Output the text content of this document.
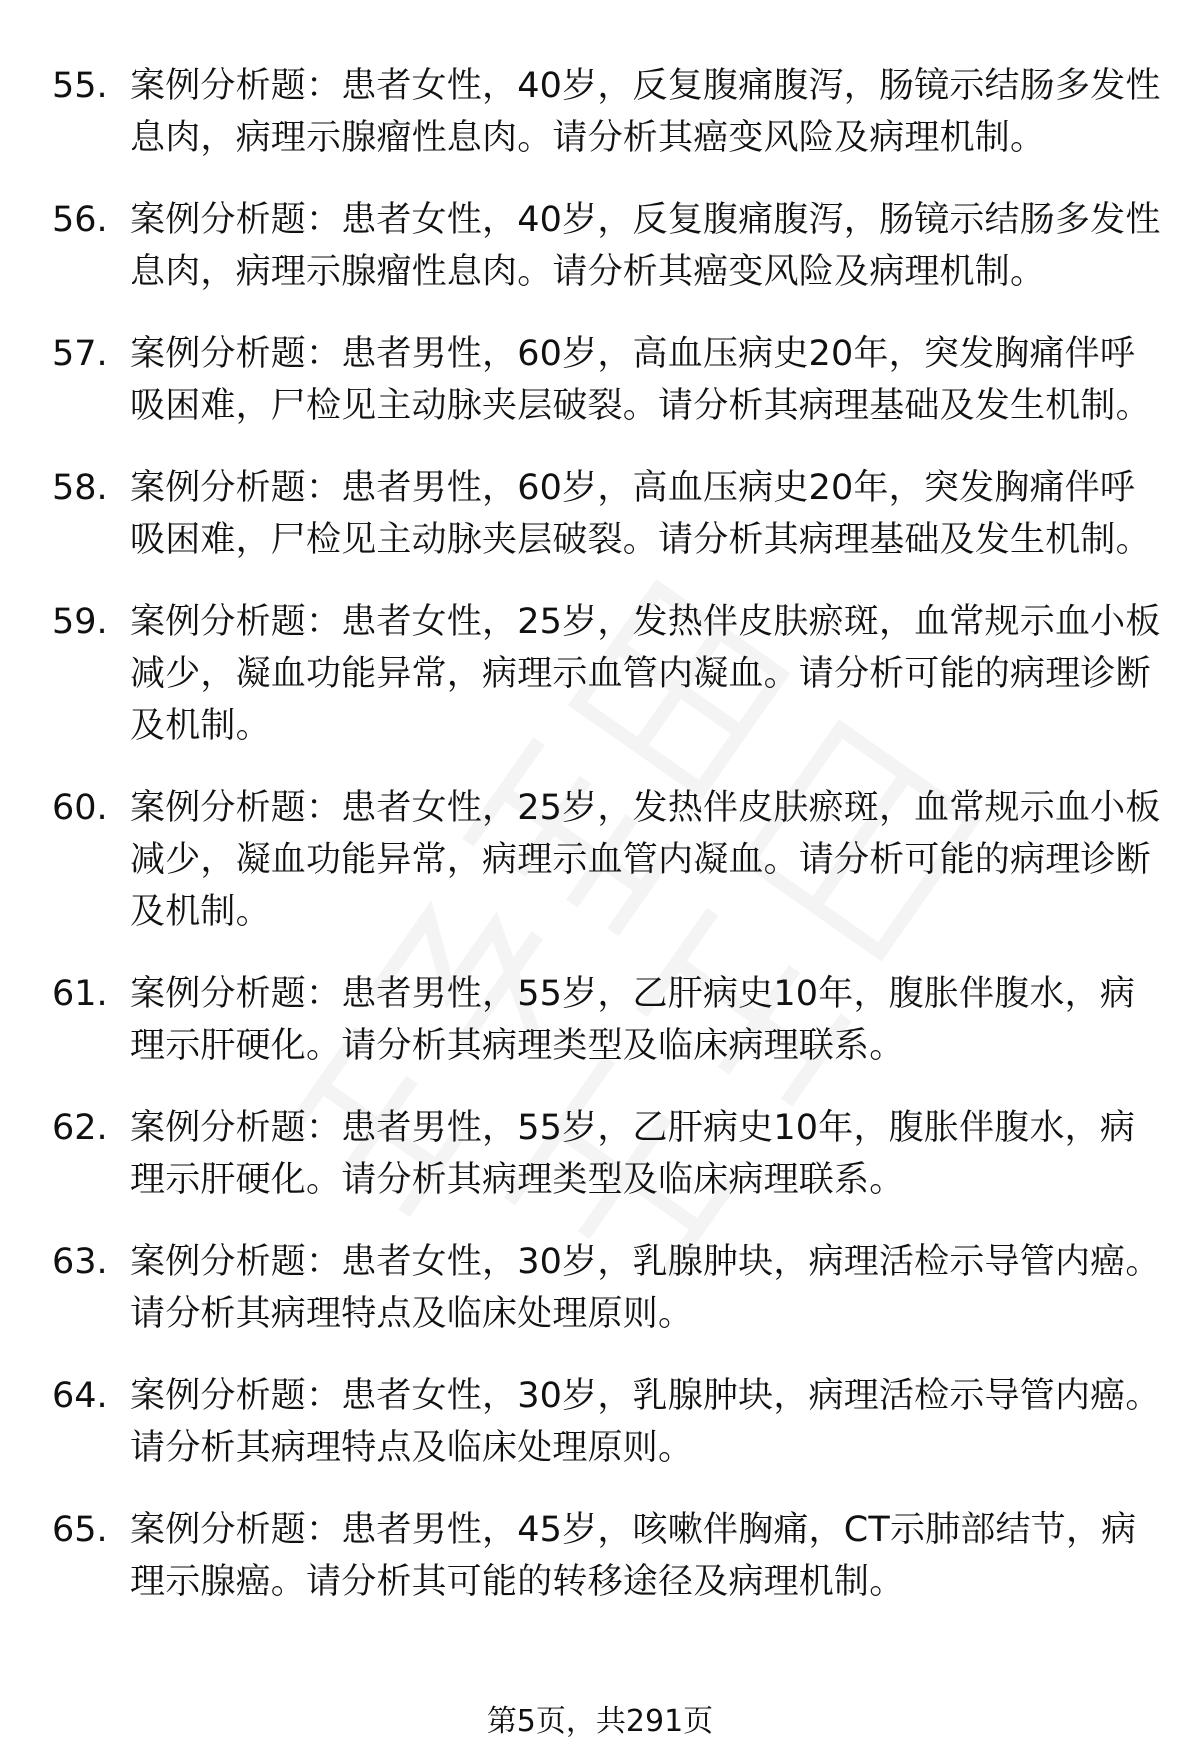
55. 案例分析题：患者女性，40岁，反复腹痛腹泻，肠镜示结肠多发性息肉，病理示腺瘤性息肉。请分析其癌变风险及病理机制。
56. 案例分析题：患者女性，40岁，反复腹痛腹泻，肠镜示结肠多发性息肉，病理示腺瘤性息肉。请分析其癌变风险及病理机制。
57. 案例分析题：患者男性，60岁，高血压病史20年，突发胸痛伴呼吸困难，尸检见主动脉夹层破裂。请分析其病理基础及发生机制。
58. 案例分析题：患者男性，60岁，高血压病史20年，突发胸痛伴呼吸困难，尸检见主动脉夹层破裂。请分析其病理基础及发生机制。
59. 案例分析题：患者女性，25岁，发热伴皮肤瘀斑，血常规示血小板减少，凝血功能异常，病理示血管内凝血。请分析可能的病理诊断及机制。
60. 案例分析题：患者女性，25岁，发热伴皮肤瘀斑，血常规示血小板减少，凝血功能异常，病理示血管内凝血。请分析可能的病理诊断及机制。
61. 案例分析题：患者男性，55岁，乙肝病史10年，腹胀伴腹水，病理示肝硬化。请分析其病理类型及临床病理联系。
62. 案例分析题：患者男性，55岁，乙肝病史10年，腹胀伴腹水，病理示肝硬化。请分析其病理类型及临床病理联系。
63. 案例分析题：患者女性，30岁，乳腺肿块，病理活检示导管内癌。请分析其病理特点及临床处理原则。
64. 案例分析题：患者女性，30岁，乳腺肿块，病理活检示导管内癌。请分析其病理特点及临床处理原则。
65. 案例分析题：患者男性，45岁，咳嗽伴胸痛，CT示肺部结节，病理示腺癌。请分析其可能的转移途径及病理机制。
第5页，共291页
